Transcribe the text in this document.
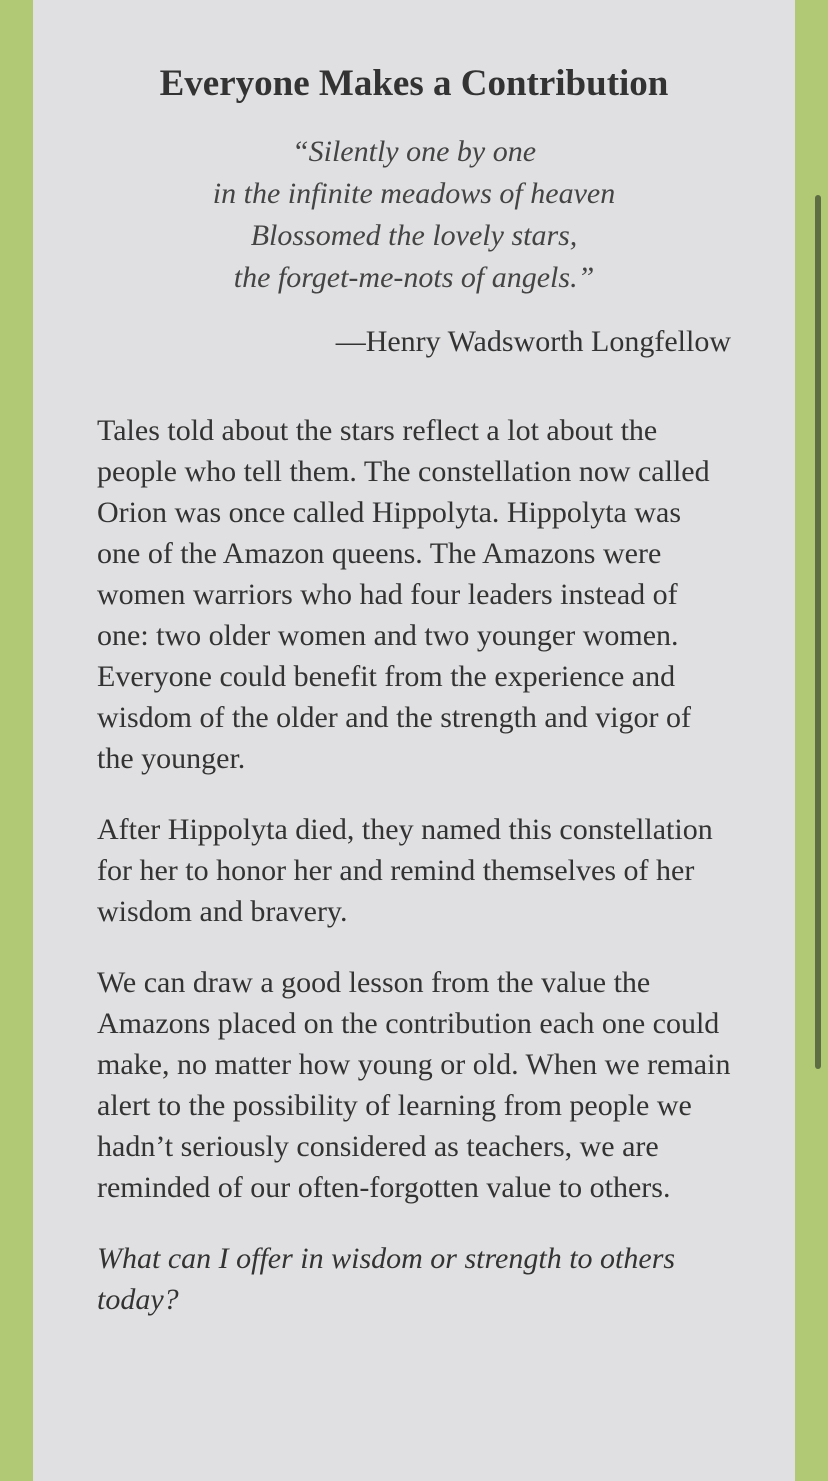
Everyone Makes a Contribution
“Silently one by one
in the infinite meadows of heaven
Blossomed the lovely stars,
the forget-me-nots of angels.”
—Henry Wadsworth Longfellow

Tales told about the stars reflect a lot about the people who tell them. The constellation now called Orion was once called Hippolyta. Hippolyta was one of the Amazon queens. The Amazons were women warriors who had four leaders instead of one: two older women and two younger women. Everyone could benefit from the experience and wisdom of the older and the strength and vigor of the younger.

After Hippolyta died, they named this constellation for her to honor her and remind themselves of her wisdom and bravery.

We can draw a good lesson from the value the Amazons placed on the contribution each one could make, no matter how young or old. When we remain alert to the possibility of learning from people we hadn’t seriously considered as teachers, we are reminded of our often-forgotten value to others.

What can I offer in wisdom or strength to others today?
